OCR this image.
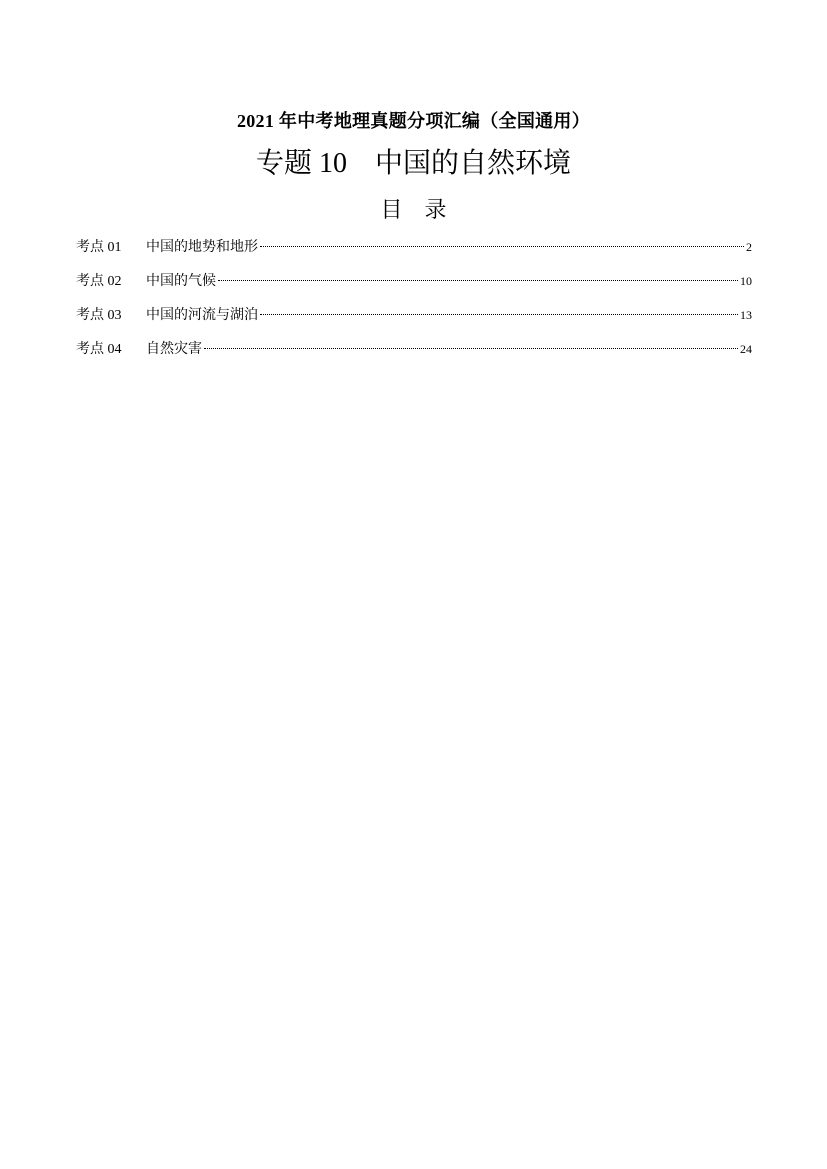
2021 年中考地理真题分项汇编（全国通用）
专题 10　中国的自然环境
目　录
考点 01	中国的地势和地形	2
考点 02	中国的气候	10
考点 03	中国的河流与湖泊	13
考点 04	自然灾害	24
